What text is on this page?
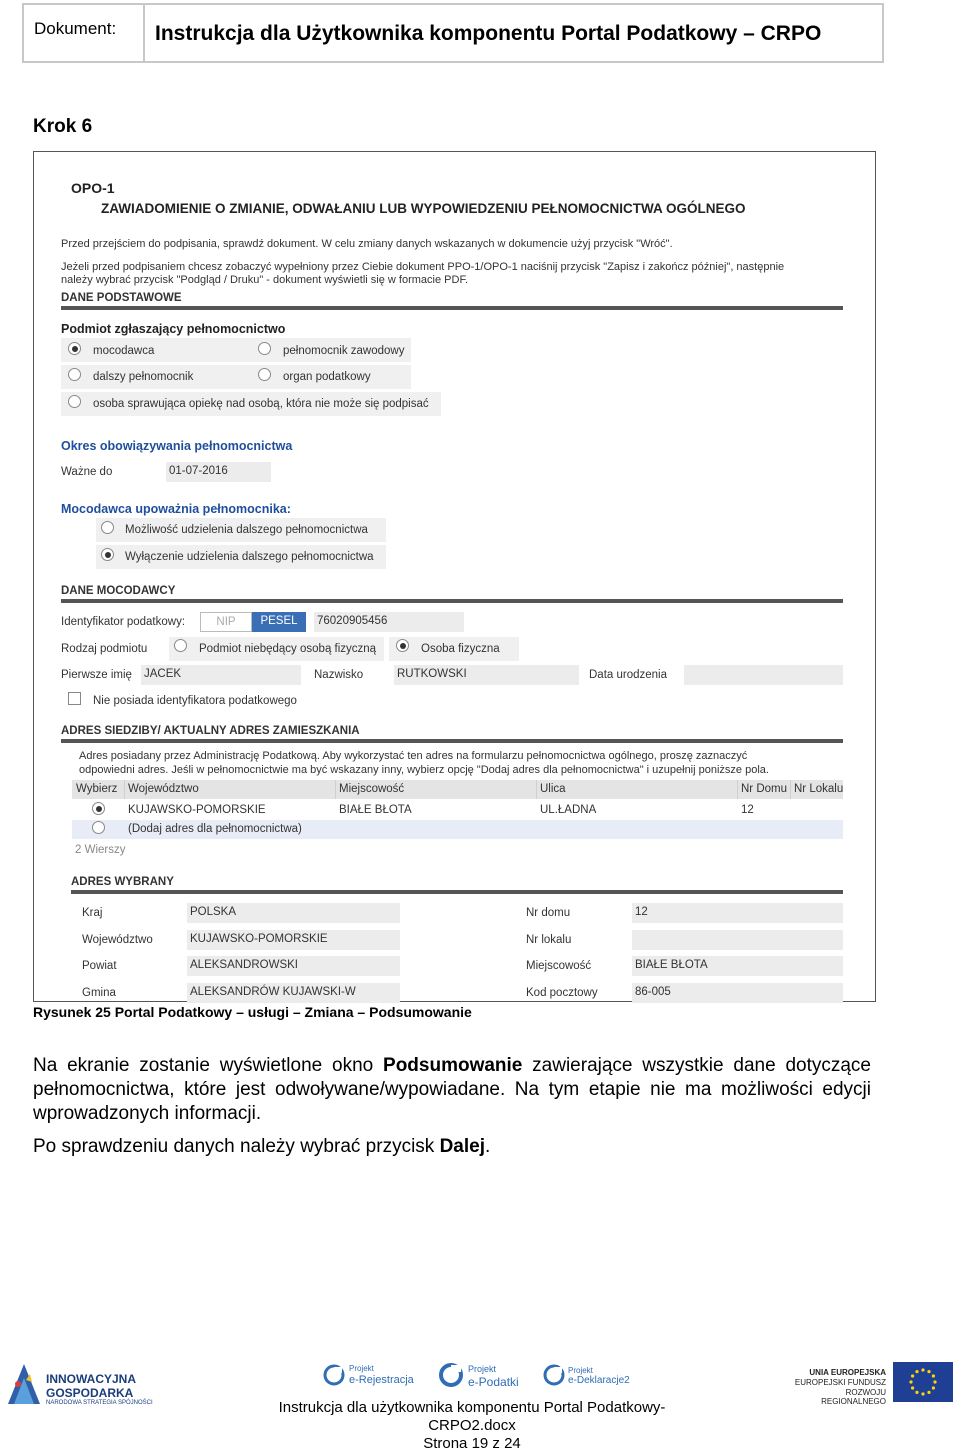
Dokument:	Instrukcja dla Użytkownika komponentu Portal Podatkowy – CRPO
Krok 6
OPO-1
ZAWIADOMIENIE O ZMIANIE, ODWAŁANIU LUB WYPOWIEDZENIU PEŁNOMOCNICTWA OGÓLNEGO
Przed przejściem do podpisania, sprawdź dokument. W celu zmiany danych wskazanych w dokumencie użyj przycisk "Wróć".
Jeżeli przed podpisaniem chcesz zobaczyć wypełniony przez Ciebie dokument PPO-1/OPO-1 naciśnij przycisk "Zapisz i zakończ później", następnie
należy wybrać przycisk "Podgląd / Druku" - dokument wyświetli się w formacie PDF.
DANE PODSTAWOWE
Podmiot zgłaszający pełnomocnictwo
mocodawca	pełnomocnik zawodowy
dalszy pełnomocnik	organ podatkowy
osoba sprawująca opiekę nad osobą, która nie może się podpisać
Okres obowiązywania pełnomocnictwa
Ważne do	01-07-2016
Mocodawca upoważnia pełnomocnika:
Możliwość udzielenia dalszego pełnomocnictwa
Wyłączenie udzielenia dalszego pełnomocnictwa
DANE MOCODAWCY
Identyfikator podatkowy:	NIP	PESEL	76020905456
Rodzaj podmiotu	Podmiot niebędący osobą fizyczną	Osoba fizyczna
Pierwsze imię JACEK	Nazwisko	RUTKOWSKI	Data urodzenia
Nie posiada identyfikatora podatkowego
ADRES SIEDZIBY/ AKTUALNY ADRES ZAMIESZKANIA
Adres posiadany przez Administrację Podatkową. Aby wykorzystać ten adres na formularzu pełnomocnictwa ogólnego, proszę zaznaczyć
odpowiedni adres. Jeśli w pełnomocnictwie ma być wskazany inny, wybierz opcję "Dodaj adres dla pełnomocnictwa" i uzupełnij poniższe pola.
Wybierz Województwo	Miejscowość	Ulica	Nr Domu Nr Lokalu
KUJAWSKO-POMORSKIE	BIAŁE BŁOTA	UL.ŁADNA	12
(Dodaj adres dla pełnomocnictwa)
2 Wierszy
ADRES WYBRANY
Kraj	POLSKA
Województwo	KUJAWSKO-POMORSKIE
Powiat	ALEKSANDROWSKI
Gmina	ALEKSANDRÓW KUJAWSKI-W
Nr domu	12
Nr lokalu
Miejscowość	BIAŁE BŁOTA
Kod pocztowy	86-005
Rysunek 25 Portal Podatkowy – usługi – Zmiana – Podsumowanie
Na ekranie zostanie wyświetlone okno Podsumowanie zawierające wszystkie dane dotyczące pełnomocnictwa, które jest odwoływane/wypowiadane. Na tym etapie nie ma możliwości edycji wprowadzonych informacji.
Po sprawdzeniu danych należy wybrać przycisk Dalej.
INNOWACYJNA
GOSPODARKA
NARODOWA STRATEGIA SPÓJNOŚCI
Projekt
e-Rejestracja
Projekt
e-Podatki
Projekt
e-Deklaracje2
UNIA EUROPEJSKA
EUROPEJSKI FUNDUSZ
ROZWOJU REGIONALNEGO
Instrukcja dla użytkownika komponentu Portal Podatkowy-CRPO2.docx
Strona 19 z 24
